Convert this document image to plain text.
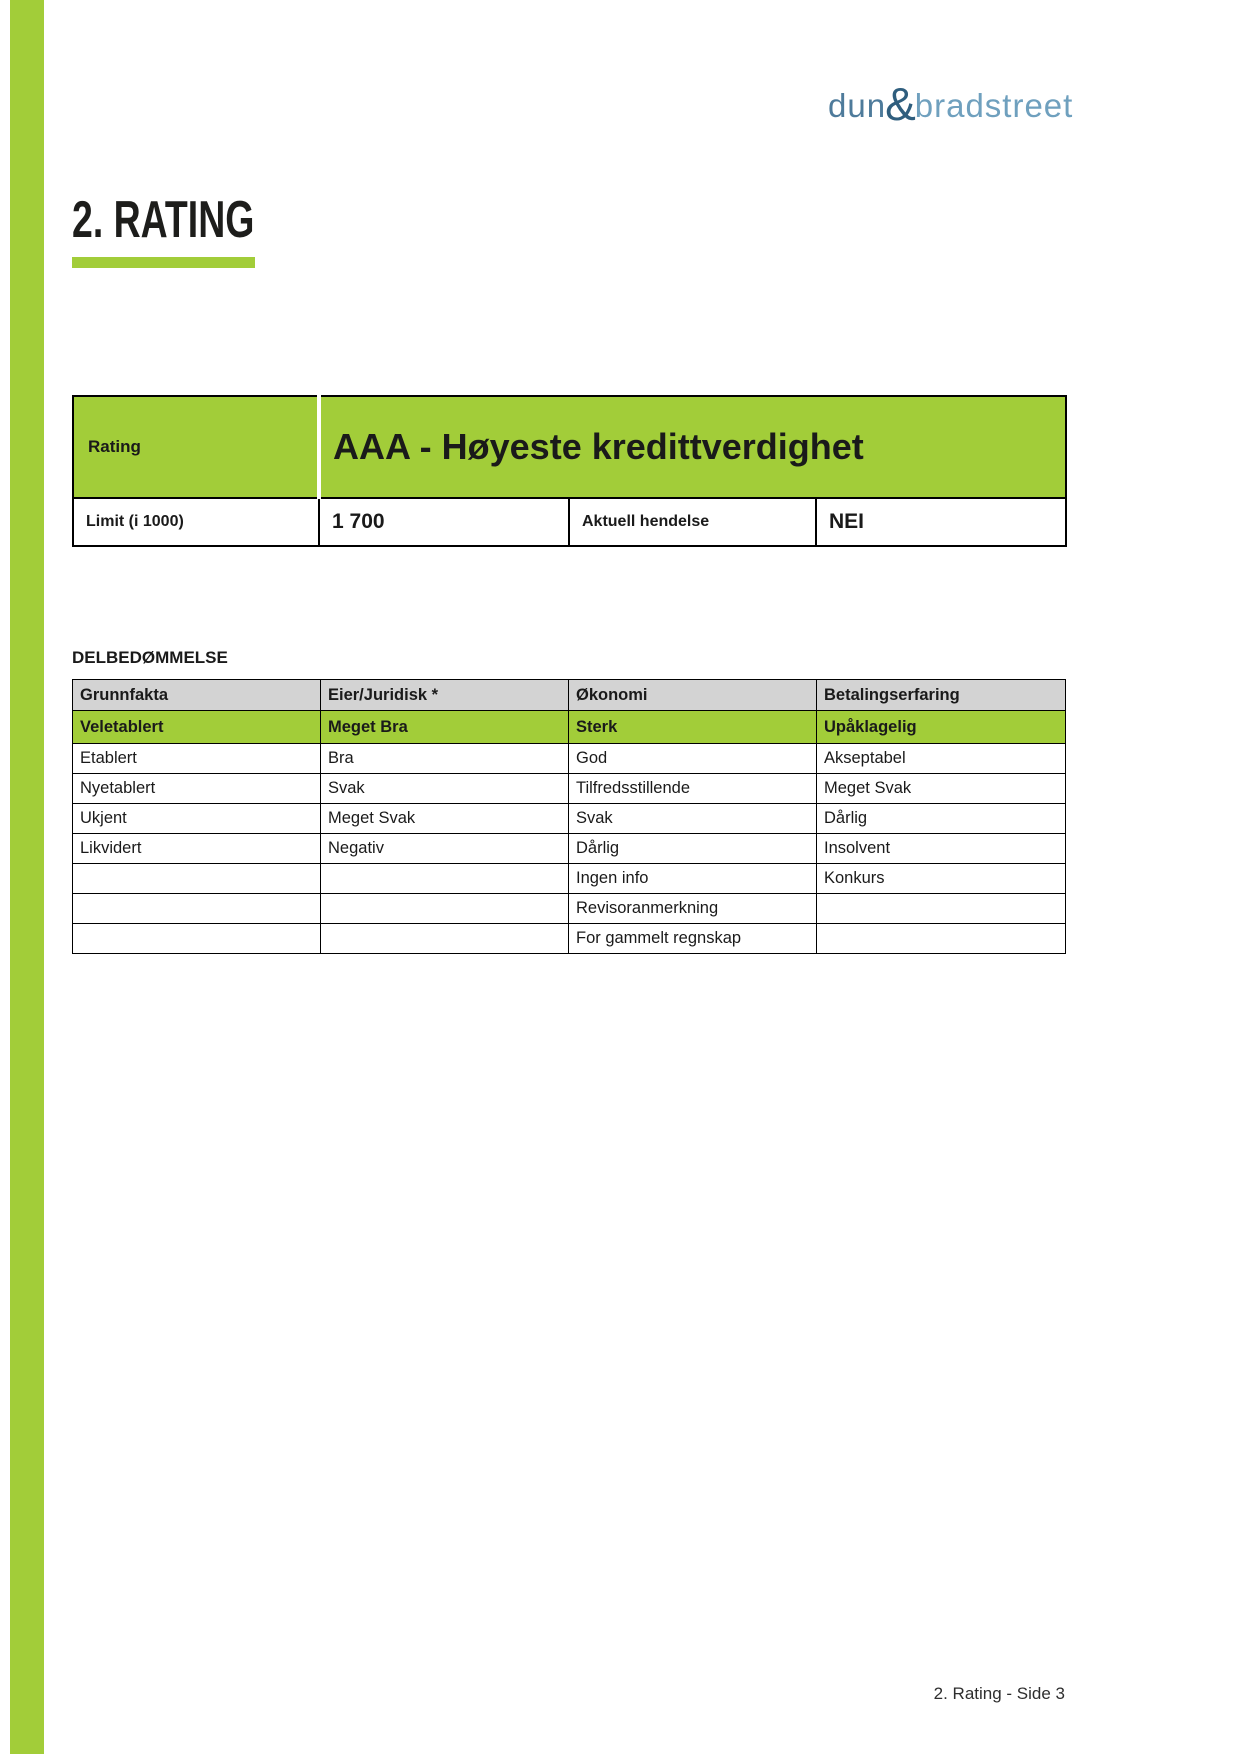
dun & bradstreet
2. RATING
Rating	AAA - Høyeste kredittverdighet		
Limit (i 1000)	1 700	Aktuell hendelse	NEI
DELBEDØMMELSE
Grunnfakta	Eier/Juridisk *	Økonomi	Betalingserfaring
Veletablert	Meget Bra	Sterk	Upåklagelig
Etablert	Bra	God	Akseptabel
Nyetablert	Svak	Tilfredsstillende	Meget Svak
Ukjent	Meget Svak	Svak	Dårlig
Likvidert	Negativ	Dårlig	Insolvent
		Ingen info	Konkurs
		Revisoranmerkning	
		For gammelt regnskap	
2. Rating - Side 3
